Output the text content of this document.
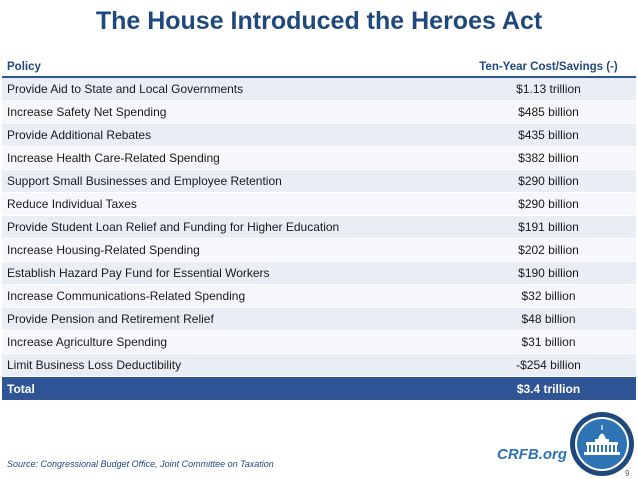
The House Introduced the Heroes Act
Policy	Ten-Year Cost/Savings (-)
Provide Aid to State and Local Governments	$1.13 trillion
Increase Safety Net Spending	$485 billion
Provide Additional Rebates	$435 billion
Increase Health Care-Related Spending	$382 billion
Support Small Businesses and Employee Retention	$290 billion
Reduce Individual Taxes	$290 billion
Provide Student Loan Relief and Funding for Higher Education	$191 billion
Increase Housing-Related Spending	$202 billion
Establish Hazard Pay Fund for Essential Workers	$190 billion
Increase Communications-Related Spending	$32 billion
Provide Pension and Retirement Relief	$48 billion
Increase Agriculture Spending	$31 billion
Limit Business Loss Deductibility	-$254 billion
Total	$3.4 trillion
Source: Congressional Budget Office, Joint Committee on Taxation
CRFB.org
9
